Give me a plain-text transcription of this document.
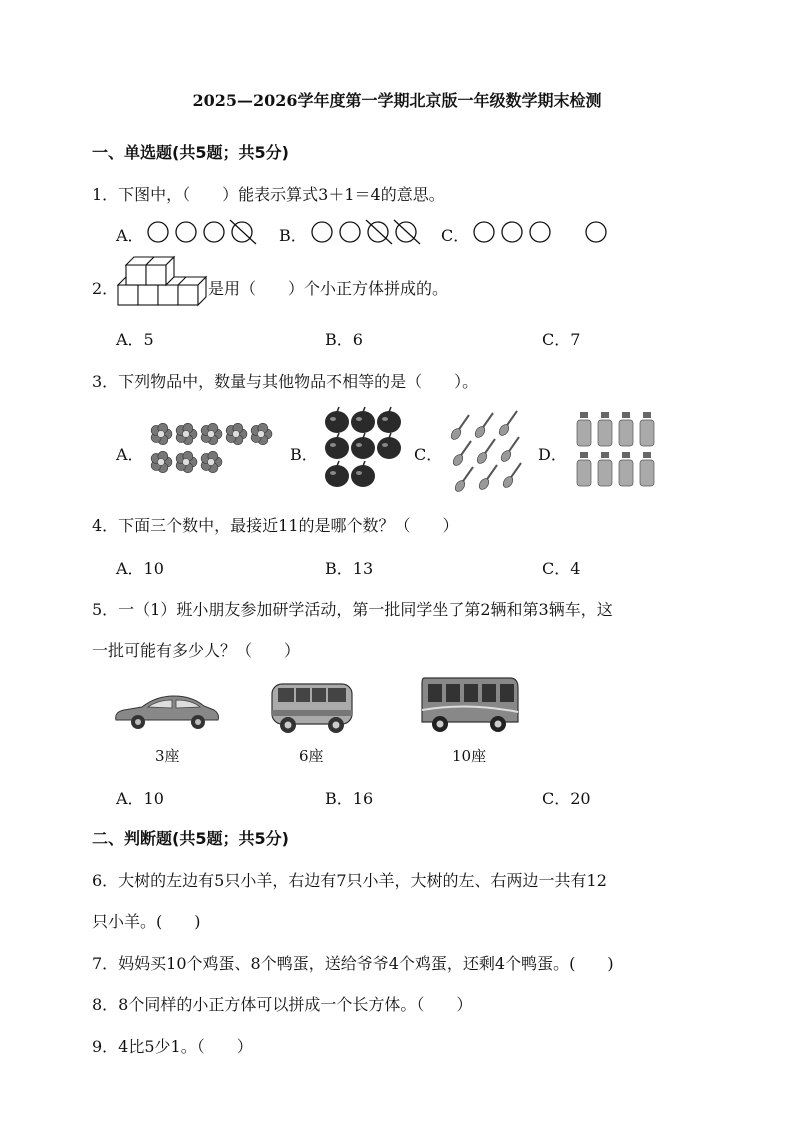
2025—2026学年度第一学期北京版一年级数学期末检测
一、单选题(共5题；共5分)
1．下图中，（　　）能表示算式3＋1＝4的意思。
A．	B．	C．
2．	是用（　　）个小正方体拼成的。
A．5	B．6	C．7
3．下列物品中，数量与其他物品不相等的是（　　）。
A．	B．	C．	D．
4．下面三个数中，最接近11的是哪个数？（　　）
A．10	B．13	C．4
5．一（1）班小朋友参加研学活动，第一批同学坐了第2辆和第3辆车，这
一批可能有多少人？（　　）
3座	6座	10座
A．10	B．16	C．20
二、判断题(共5题；共5分)
6．大树的左边有5只小羊，右边有7只小羊，大树的左、右两边一共有12
只小羊。(　　)
7．妈妈买10个鸡蛋、8个鸭蛋，送给爷爷4个鸡蛋，还剩4个鸭蛋。(　　)
8．8个同样的小正方体可以拼成一个长方体。（　　）
9．4比5少1。（　　）
